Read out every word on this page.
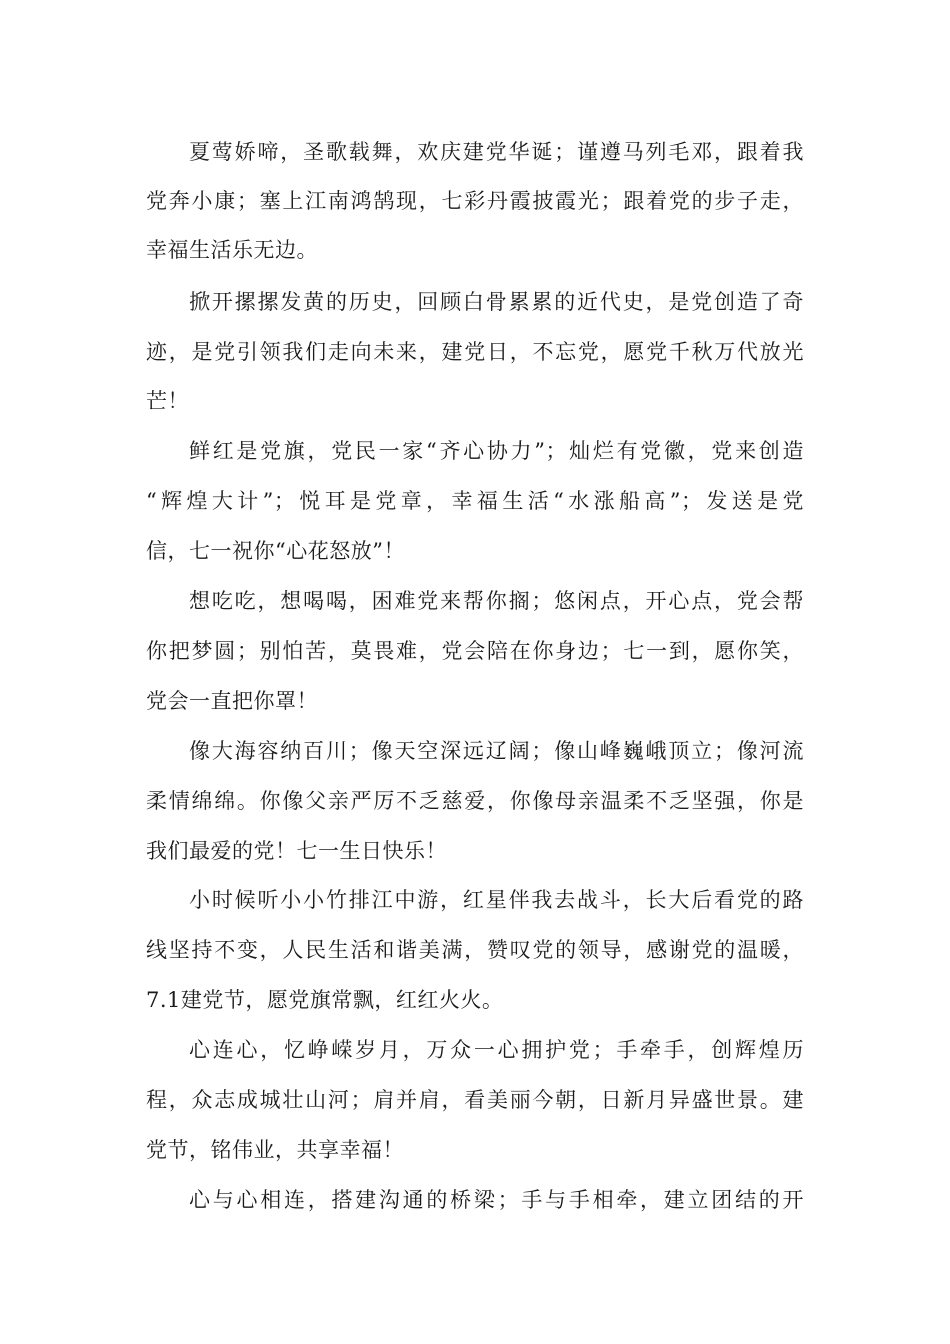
夏莺娇啼，圣歌载舞，欢庆建党华诞；谨遵马列毛邓，跟着我
党奔小康；塞上江南鸿鹄现，七彩丹霞披霞光；跟着党的步子走，
幸福生活乐无边。
掀开摞摞发黄的历史，回顾白骨累累的近代史，是党创造了奇
迹，是党引领我们走向未来，建党日，不忘党，愿党千秋万代放光
芒！
鲜红是党旗，党民一家“齐心协力”；灿烂有党徽，党来创造
“辉煌大计”；悦耳是党章，幸福生活“水涨船高”；发送是党
信，七一祝你“心花怒放”！
想吃吃，想喝喝，困难党来帮你搁；悠闲点，开心点，党会帮
你把梦圆；别怕苦，莫畏难，党会陪在你身边；七一到，愿你笑，
党会一直把你罩！
像大海容纳百川；像天空深远辽阔；像山峰巍峨顶立；像河流
柔情绵绵。你像父亲严厉不乏慈爱，你像母亲温柔不乏坚强，你是
我们最爱的党！七一生日快乐！
小时候听小小竹排江中游，红星伴我去战斗，长大后看党的路
线坚持不变，人民生活和谐美满，赞叹党的领导，感谢党的温暖，
7.1建党节，愿党旗常飘，红红火火。
心连心，忆峥嵘岁月，万众一心拥护党；手牵手，创辉煌历
程，众志成城壮山河；肩并肩，看美丽今朝，日新月异盛世景。建
党节，铭伟业，共享幸福！
心与心相连，搭建沟通的桥梁；手与手相牵，建立团结的开
